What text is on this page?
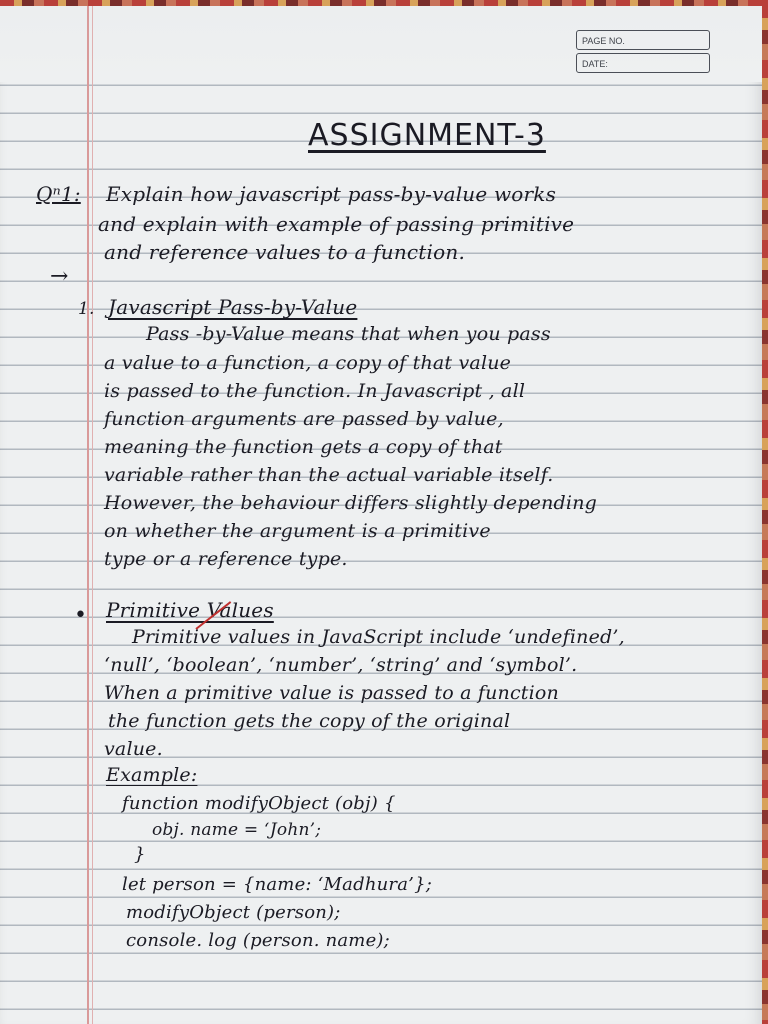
PAGE NO.
DATE:
ASSIGNMENT-3
Qⁿ1: Explain how javascript pass-by-value works
and explain with example of passing primitive
and reference values to a function.
→
1. Javascript Pass-by-Value
Pass -by-Value means that when you pass
a value to a function, a copy of that value
is passed to the function. In Javascript , all
function arguments are passed by value,
meaning the function gets a copy of that
variable rather than the actual variable itself.
However, the behaviour differs slightly depending
on whether the argument is a primitive
type or a reference type.
• Primitive Values
Primitive values in JavaScript include ‘undefined’,
‘null’, ‘boolean’, ‘number’, ‘string’ and ‘symbol’.
When a primitive value is passed to a function
the function gets the copy of the original
value.
Example:
function modifyObject (obj) {
obj. name = ‘John’;
}
let person = {name: ‘Madhura’};
modifyObject (person);
console. log (person. name);
